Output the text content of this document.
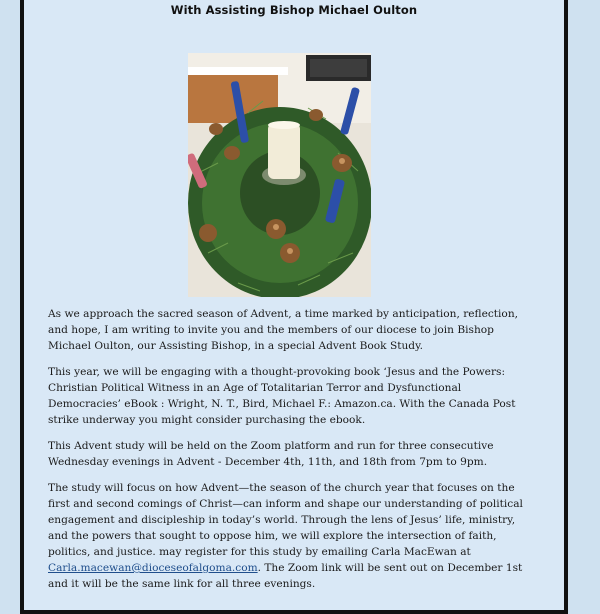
With Assisting Bishop Michael Oulton

As we approach the sacred season of Advent, a time marked by anticipation, reflection, and hope, I am writing to invite you and the members of our diocese to join Bishop Michael Oulton, our Assisting Bishop, in a special Advent Book Study.

This year, we will be engaging with a thought-provoking book ‘Jesus and the Powers: Christian Political Witness in an Age of Totalitarian Terror and Dysfunctional Democracies’ eBook : Wright, N. T., Bird, Michael F.: Amazon.ca. With the Canada Post strike underway you might consider purchasing the ebook.

This Advent study will be held on the Zoom platform and run for three consecutive Wednesday evenings in Advent - December 4th, 11th, and 18th from 7pm to 9pm.

The study will focus on how Advent—the season of the church year that focuses on the first and second comings of Christ—can inform and shape our understanding of political engagement and discipleship in today’s world. Through the lens of Jesus’ life, ministry, and the powers that sought to oppose him, we will explore the intersection of faith, politics, and justice. may register for this study by emailing Carla MacEwan at Carla.macewan@dioceseofalgoma.com. The Zoom link will be sent out on December 1st and it will be the same link for all three evenings.
